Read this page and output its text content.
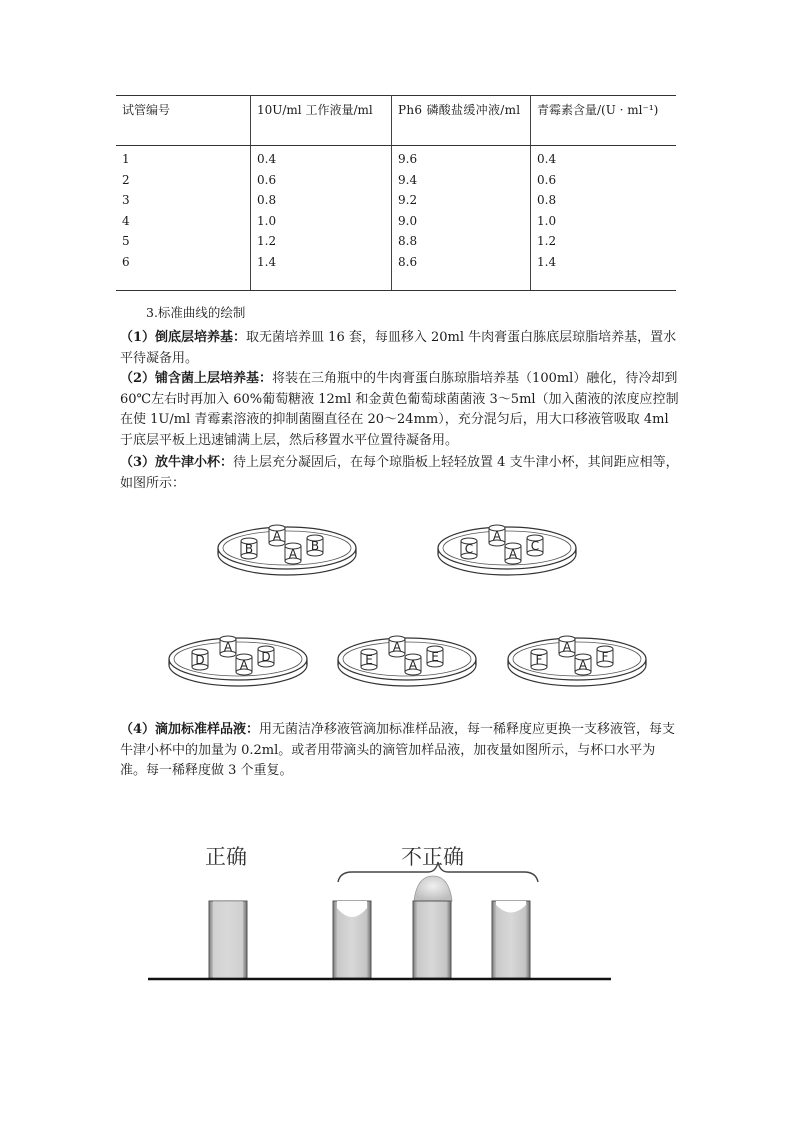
试管编号	10U/ml 工作液量/ml	Ph6 磷酸盐缓冲液/ml	青霉素含量/(U · ml⁻¹)
1	0.4	9.6	0.4
2	0.6	9.4	0.6
3	0.8	9.2	0.8
4	1.0	9.0	1.0
5	1.2	8.8	1.2
6	1.4	8.6	1.4
3.标准曲线的绘制

（1）倒底层培养基：取无菌培养皿 16 套，每皿移入 20ml 牛肉膏蛋白胨底层琼脂培养基，置水平待凝备用。

（2）铺含菌上层培养基：将装在三角瓶中的牛肉膏蛋白胨琼脂培养基（100ml）融化，待冷却到 60℃左右时再加入 60%葡萄糖液 12ml 和金黄色葡萄球菌菌液 3～5ml（加入菌液的浓度应控制在使 1U/ml 青霉素溶液的抑制菌圈直径在 20～24mm），充分混匀后，用大口移液管吸取 4ml 于底层平板上迅速铺满上层，然后移置水平位置待凝备用。

（3）放牛津小杯：待上层充分凝固后，在每个琼脂板上轻轻放置 4 支牛津小杯，其间距应相等，如图所示：

A
B	B
A
A
C	C
A
A
D	D
A
A
E	E
A
A
F	F
A

（4）滴加标准样品液：用无菌洁净移液管滴加标准样品液，每一稀释度应更换一支移液管，每支牛津小杯中的加量为 0.2ml。或者用带滴头的滴管加样品液，加夜量如图所示，与杯口水平为准。每一稀释度做 3 个重复。

正确	不正确
